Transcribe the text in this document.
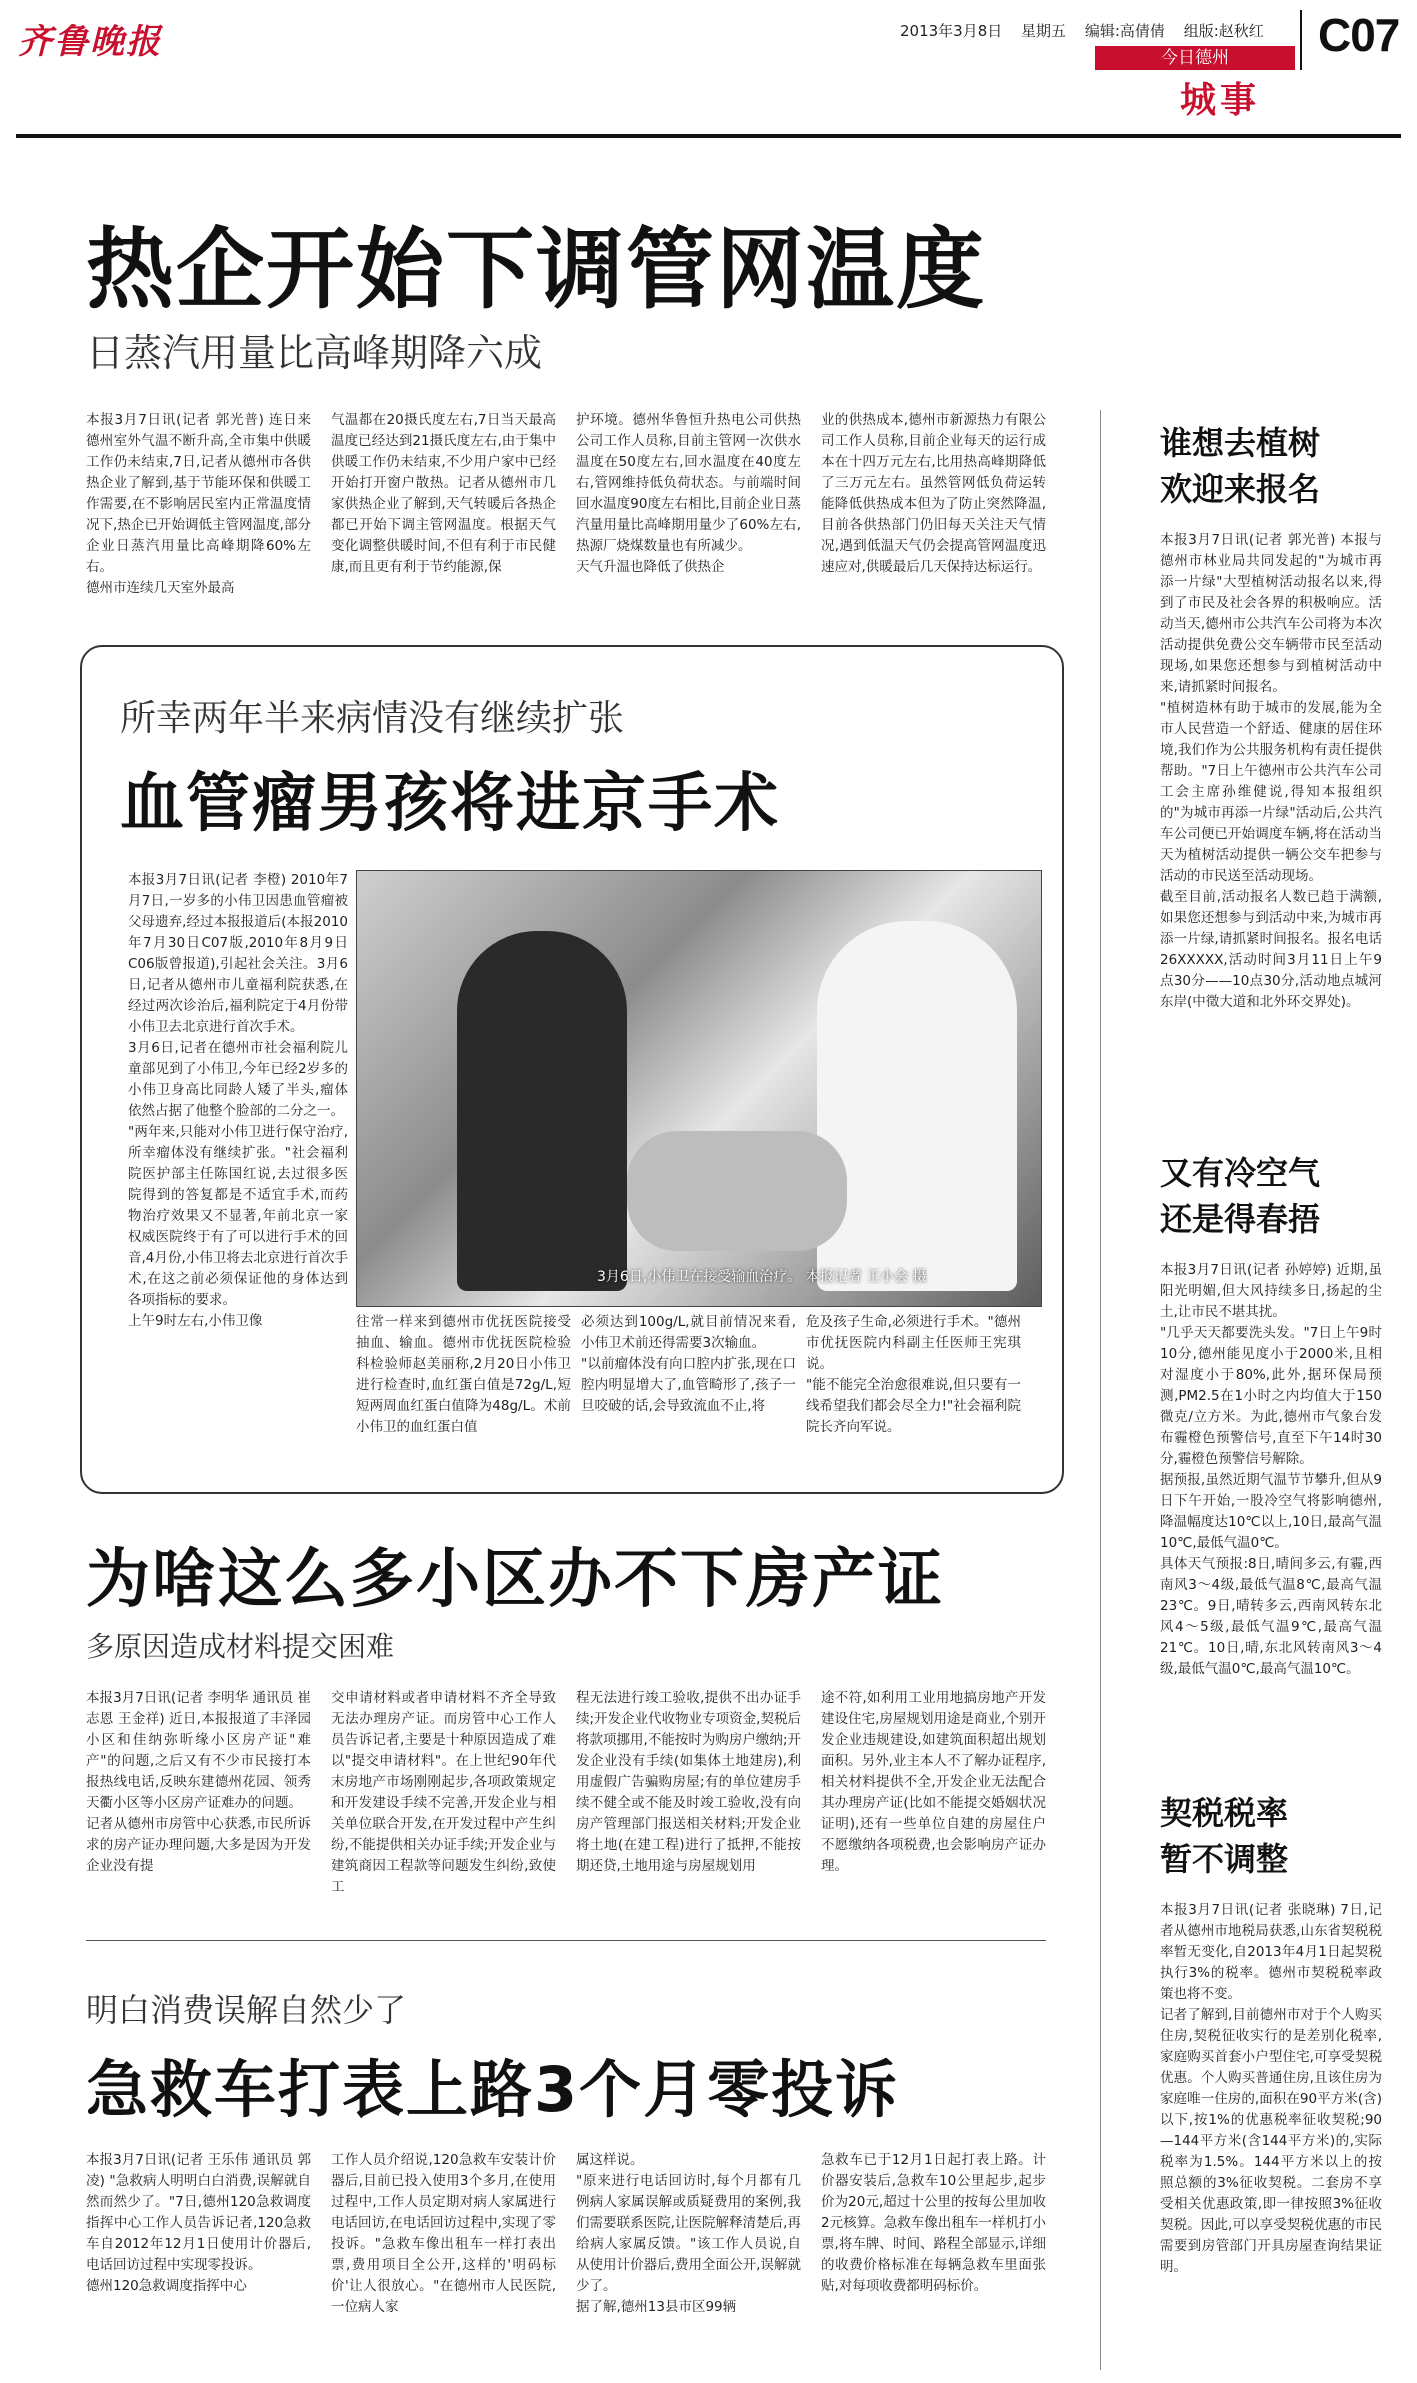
齐鲁晚报	2013年3月8日 星期五 编辑:高倩倩 组版:赵秋红	C07
今日德州
城事
热企开始下调管网温度
日蒸汽用量比高峰期降六成
本报3月7日讯(记者 郭光普) 连日来德州室外气温不断升高,全市集中供暖工作仍未结束,7日,记者从德州市各供热企业了解到,基于节能环保和供暖工作需要,在不影响居民室内正常温度情况下,热企已开始调低主管网温度,部分企业日蒸汽用量比高峰期降60%左右。
德州市连续几天室外最高
气温都在20摄氏度左右,7日当天最高温度已经达到21摄氏度左右,由于集中供暖工作仍未结束,不少用户家中已经开始打开窗户散热。记者从德州市几家供热企业了解到,天气转暖后各热企都已开始下调主管网温度。根据天气变化调整供暖时间,不但有利于市民健康,而且更有利于节约能源,保
护环境。德州华鲁恒升热电公司供热公司工作人员称,目前主管网一次供水温度在50度左右,回水温度在40度左右,管网维持低负荷状态。与前端时间回水温度90度左右相比,目前企业日蒸汽量用量比高峰期用量少了60%左右,热源厂烧煤数量也有所减少。
天气升温也降低了供热企
业的供热成本,德州市新源热力有限公司工作人员称,目前企业每天的运行成本在十四万元左右,比用热高峰期降低了三万元左右。虽然管网低负荷运转能降低供热成本但为了防止突然降温,目前各供热部门仍旧每天关注天气情况,遇到低温天气仍会提高管网温度迅速应对,供暖最后几天保持达标运行。
所幸两年半来病情没有继续扩张
血管瘤男孩将进京手术
本报3月7日讯(记者 李橙) 2010年7月7日,一岁多的小伟卫因患血管瘤被父母遗弃,经过本报报道后(本报2010年7月30日C07版,2010年8月9日C06版曾报道),引起社会关注。3月6日,记者从德州市儿童福利院获悉,在经过两次诊治后,福利院定于4月份带小伟卫去北京进行首次手术。
3月6日,记者在德州市社会福利院儿童部见到了小伟卫,今年已经2岁多的小伟卫身高比同龄人矮了半头,瘤体依然占据了他整个脸部的二分之一。
"两年来,只能对小伟卫进行保守治疗,所幸瘤体没有继续扩张。"社会福利院医护部主任陈国红说,去过很多医院得到的答复都是不适宜手术,而药物治疗效果又不显著,年前北京一家权威医院终于有了可以进行手术的回音,4月份,小伟卫将去北京进行首次手术,在这之前必须保证他的身体达到各项指标的要求。
上午9时左右,小伟卫像
3月6日,小伟卫在接受输血治疗。 本报记者 王小会 摄
往常一样来到德州市优抚医院接受抽血、输血。德州市优抚医院检验科检验师赵美丽称,2月20日小伟卫进行检查时,血红蛋白值是72g/L,短短两周血红蛋白值降为48g/L。术前小伟卫的血红蛋白值
必须达到100g/L,就目前情况来看,小伟卫术前还得需要3次输血。
"以前瘤体没有向口腔内扩张,现在口腔内明显增大了,血管畸形了,孩子一旦咬破的话,会导致流血不止,将
危及孩子生命,必须进行手术。"德州市优抚医院内科副主任医师王宪琪说。
"能不能完全治愈很难说,但只要有一线希望我们都会尽全力!"社会福利院院长齐向军说。
为啥这么多小区办不下房产证
多原因造成材料提交困难
本报3月7日讯(记者 李明华 通讯员 崔志恩 王金祥) 近日,本报报道了丰泽园小区和佳纳弥昕缘小区房产证"难产"的问题,之后又有不少市民接打本报热线电话,反映东建德州花园、领秀天衢小区等小区房产证难办的问题。
记者从德州市房管中心获悉,市民所诉求的房产证办理问题,大多是因为开发企业没有提
交申请材料或者申请材料不齐全导致无法办理房产证。而房管中心工作人员告诉记者,主要是十种原因造成了难以"提交申请材料"。在上世纪90年代末房地产市场刚刚起步,各项政策规定和开发建设手续不完善,开发企业与相关单位联合开发,在开发过程中产生纠纷,不能提供相关办证手续;开发企业与建筑商因工程款等问题发生纠纷,致使工
程无法进行竣工验收,提供不出办证手续;开发企业代收物业专项资金,契税后将款项挪用,不能按时为购房户缴纳;开发企业没有手续(如集体土地建房),利用虚假广告骗购房屋;有的单位建房手续不健全或不能及时竣工验收,没有向房产管理部门报送相关材料;开发企业将土地(在建工程)进行了抵押,不能按期还贷,土地用途与房屋规划用
途不符,如利用工业用地搞房地产开发建设住宅,房屋规划用途是商业,个别开发企业违规建设,如建筑面积超出规划面积。另外,业主本人不了解办证程序,相关材料提供不全,开发企业无法配合其办理房产证(比如不能提交婚姻状况证明),还有一些单位自建的房屋住户不愿缴纳各项税费,也会影响房产证办理。
明白消费误解自然少了
急救车打表上路3个月零投诉
本报3月7日讯(记者 王乐伟 通讯员 郭凌) "急救病人明明白白消费,误解就自然而然少了。"7日,德州120急救调度指挥中心工作人员告诉记者,120急救车自2012年12月1日使用计价器后,电话回访过程中实现零投诉。
德州120急救调度指挥中心
工作人员介绍说,120急救车安装计价器后,目前已投入使用3个多月,在使用过程中,工作人员定期对病人家属进行电话回访,在电话回访过程中,实现了零投诉。"急救车像出租车一样打表出票,费用项目全公开,这样的'明码标价'让人很放心。"在德州市人民医院,一位病人家
属这样说。
"原来进行电话回访时,每个月都有几例病人家属误解或质疑费用的案例,我们需要联系医院,让医院解释清楚后,再给病人家属反馈。"该工作人员说,自从使用计价器后,费用全面公开,误解就少了。
据了解,德州13县市区99辆
急救车已于12月1日起打表上路。计价器安装后,急救车10公里起步,起步价为20元,超过十公里的按每公里加收2元核算。急救车像出租车一样机打小票,将车牌、时间、路程全部显示,详细的收费价格标准在每辆急救车里面张贴,对每项收费都明码标价。
谁想去植树
欢迎来报名
本报3月7日讯(记者 郭光普) 本报与德州市林业局共同发起的"为城市再添一片绿"大型植树活动报名以来,得到了市民及社会各界的积极响应。活动当天,德州市公共汽车公司将为本次活动提供免费公交车辆带市民至活动现场,如果您还想参与到植树活动中来,请抓紧时间报名。
"植树造林有助于城市的发展,能为全市人民营造一个舒适、健康的居住环境,我们作为公共服务机构有责任提供帮助。"7日上午德州市公共汽车公司工会主席孙维健说,得知本报组织的"为城市再添一片绿"活动后,公共汽车公司便已开始调度车辆,将在活动当天为植树活动提供一辆公交车把参与活动的市民送至活动现场。
截至目前,活动报名人数已趋于满额,如果您还想参与到活动中来,为城市再添一片绿,请抓紧时间报名。报名电话26XXXXX,活动时间3月11日上午9点30分——10点30分,活动地点城河东岸(中徵大道和北外环交界处)。
又有冷空气
还是得春捂
本报3月7日讯(记者 孙婷婷) 近期,虽阳光明媚,但大风持续多日,扬起的尘土,让市民不堪其扰。
"几乎天天都要洗头发。"7日上午9时10分,德州能见度小于2000米,且相对湿度小于80%,此外,据环保局预测,PM2.5在1小时之内均值大于150微克/立方米。为此,德州市气象台发布霾橙色预警信号,直至下午14时30分,霾橙色预警信号解除。
据预报,虽然近期气温节节攀升,但从9日下午开始,一股冷空气将影响德州,降温幅度达10℃以上,10日,最高气温10℃,最低气温0℃。
具体天气预报:8日,晴间多云,有霾,西南风3～4级,最低气温8℃,最高气温23℃。9日,晴转多云,西南风转东北风4～5级,最低气温9℃,最高气温21℃。10日,晴,东北风转南风3～4级,最低气温0℃,最高气温10℃。
契税税率
暂不调整
本报3月7日讯(记者 张晓琳) 7日,记者从德州市地税局获悉,山东省契税税率暂无变化,自2013年4月1日起契税执行3%的税率。德州市契税税率政策也将不变。
记者了解到,目前德州市对于个人购买住房,契税征收实行的是差别化税率,家庭购买首套小户型住宅,可享受契税优惠。个人购买普通住房,且该住房为家庭唯一住房的,面积在90平方米(含)以下,按1%的优惠税率征收契税;90—144平方米(含144平方米)的,实际税率为1.5%。144平方米以上的按照总额的3%征收契税。二套房不享受相关优惠政策,即一律按照3%征收契税。因此,可以享受契税优惠的市民需要到房管部门开具房屋查询结果证明。
